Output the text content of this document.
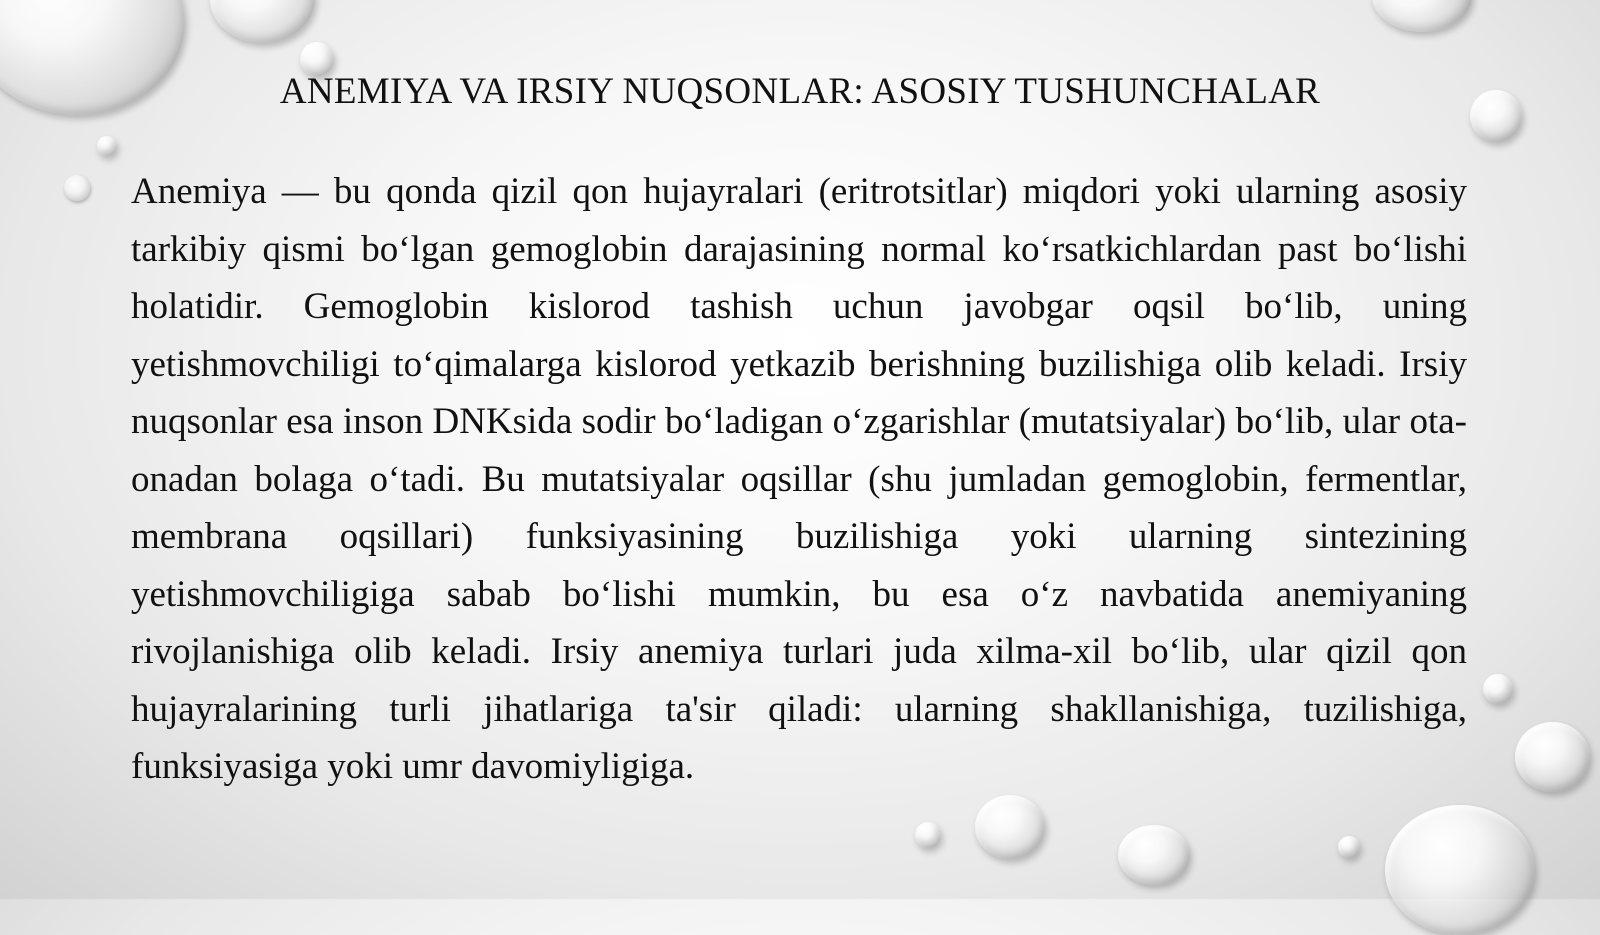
ANEMIYA VA IRSIY NUQSONLAR: ASOSIY TUSHUNCHALAR

Anemiya — bu qonda qizil qon hujayralari (eritrotsitlar) miqdori yoki ularning asosiy tarkibiy qismi bo‘lgan gemoglobin darajasining normal ko‘rsatkichlardan past bo‘lishi holatidir. Gemoglobin kislorod tashish uchun javobgar oqsil bo‘lib, uning yetishmovchiligi to‘qimalarga kislorod yetkazib berishning buzilishiga olib keladi. Irsiy nuqsonlar esa inson DNKsida sodir bo‘ladigan o‘zgarishlar (mutatsiyalar) bo‘lib, ular ota-onadan bolaga o‘tadi. Bu mutatsiyalar oqsillar (shu jumladan gemoglobin, fermentlar, membrana oqsillari) funksiyasining buzilishiga yoki ularning sintezining yetishmovchiligiga sabab bo‘lishi mumkin, bu esa o‘z navbatida anemiyaning rivojlanishiga olib keladi. Irsiy anemiya turlari juda xilma-xil bo‘lib, ular qizil qon hujayralarining turli jihatlariga ta'sir qiladi: ularning shakllanishiga, tuzilishiga, funksiyasiga yoki umr davomiyligiga.
